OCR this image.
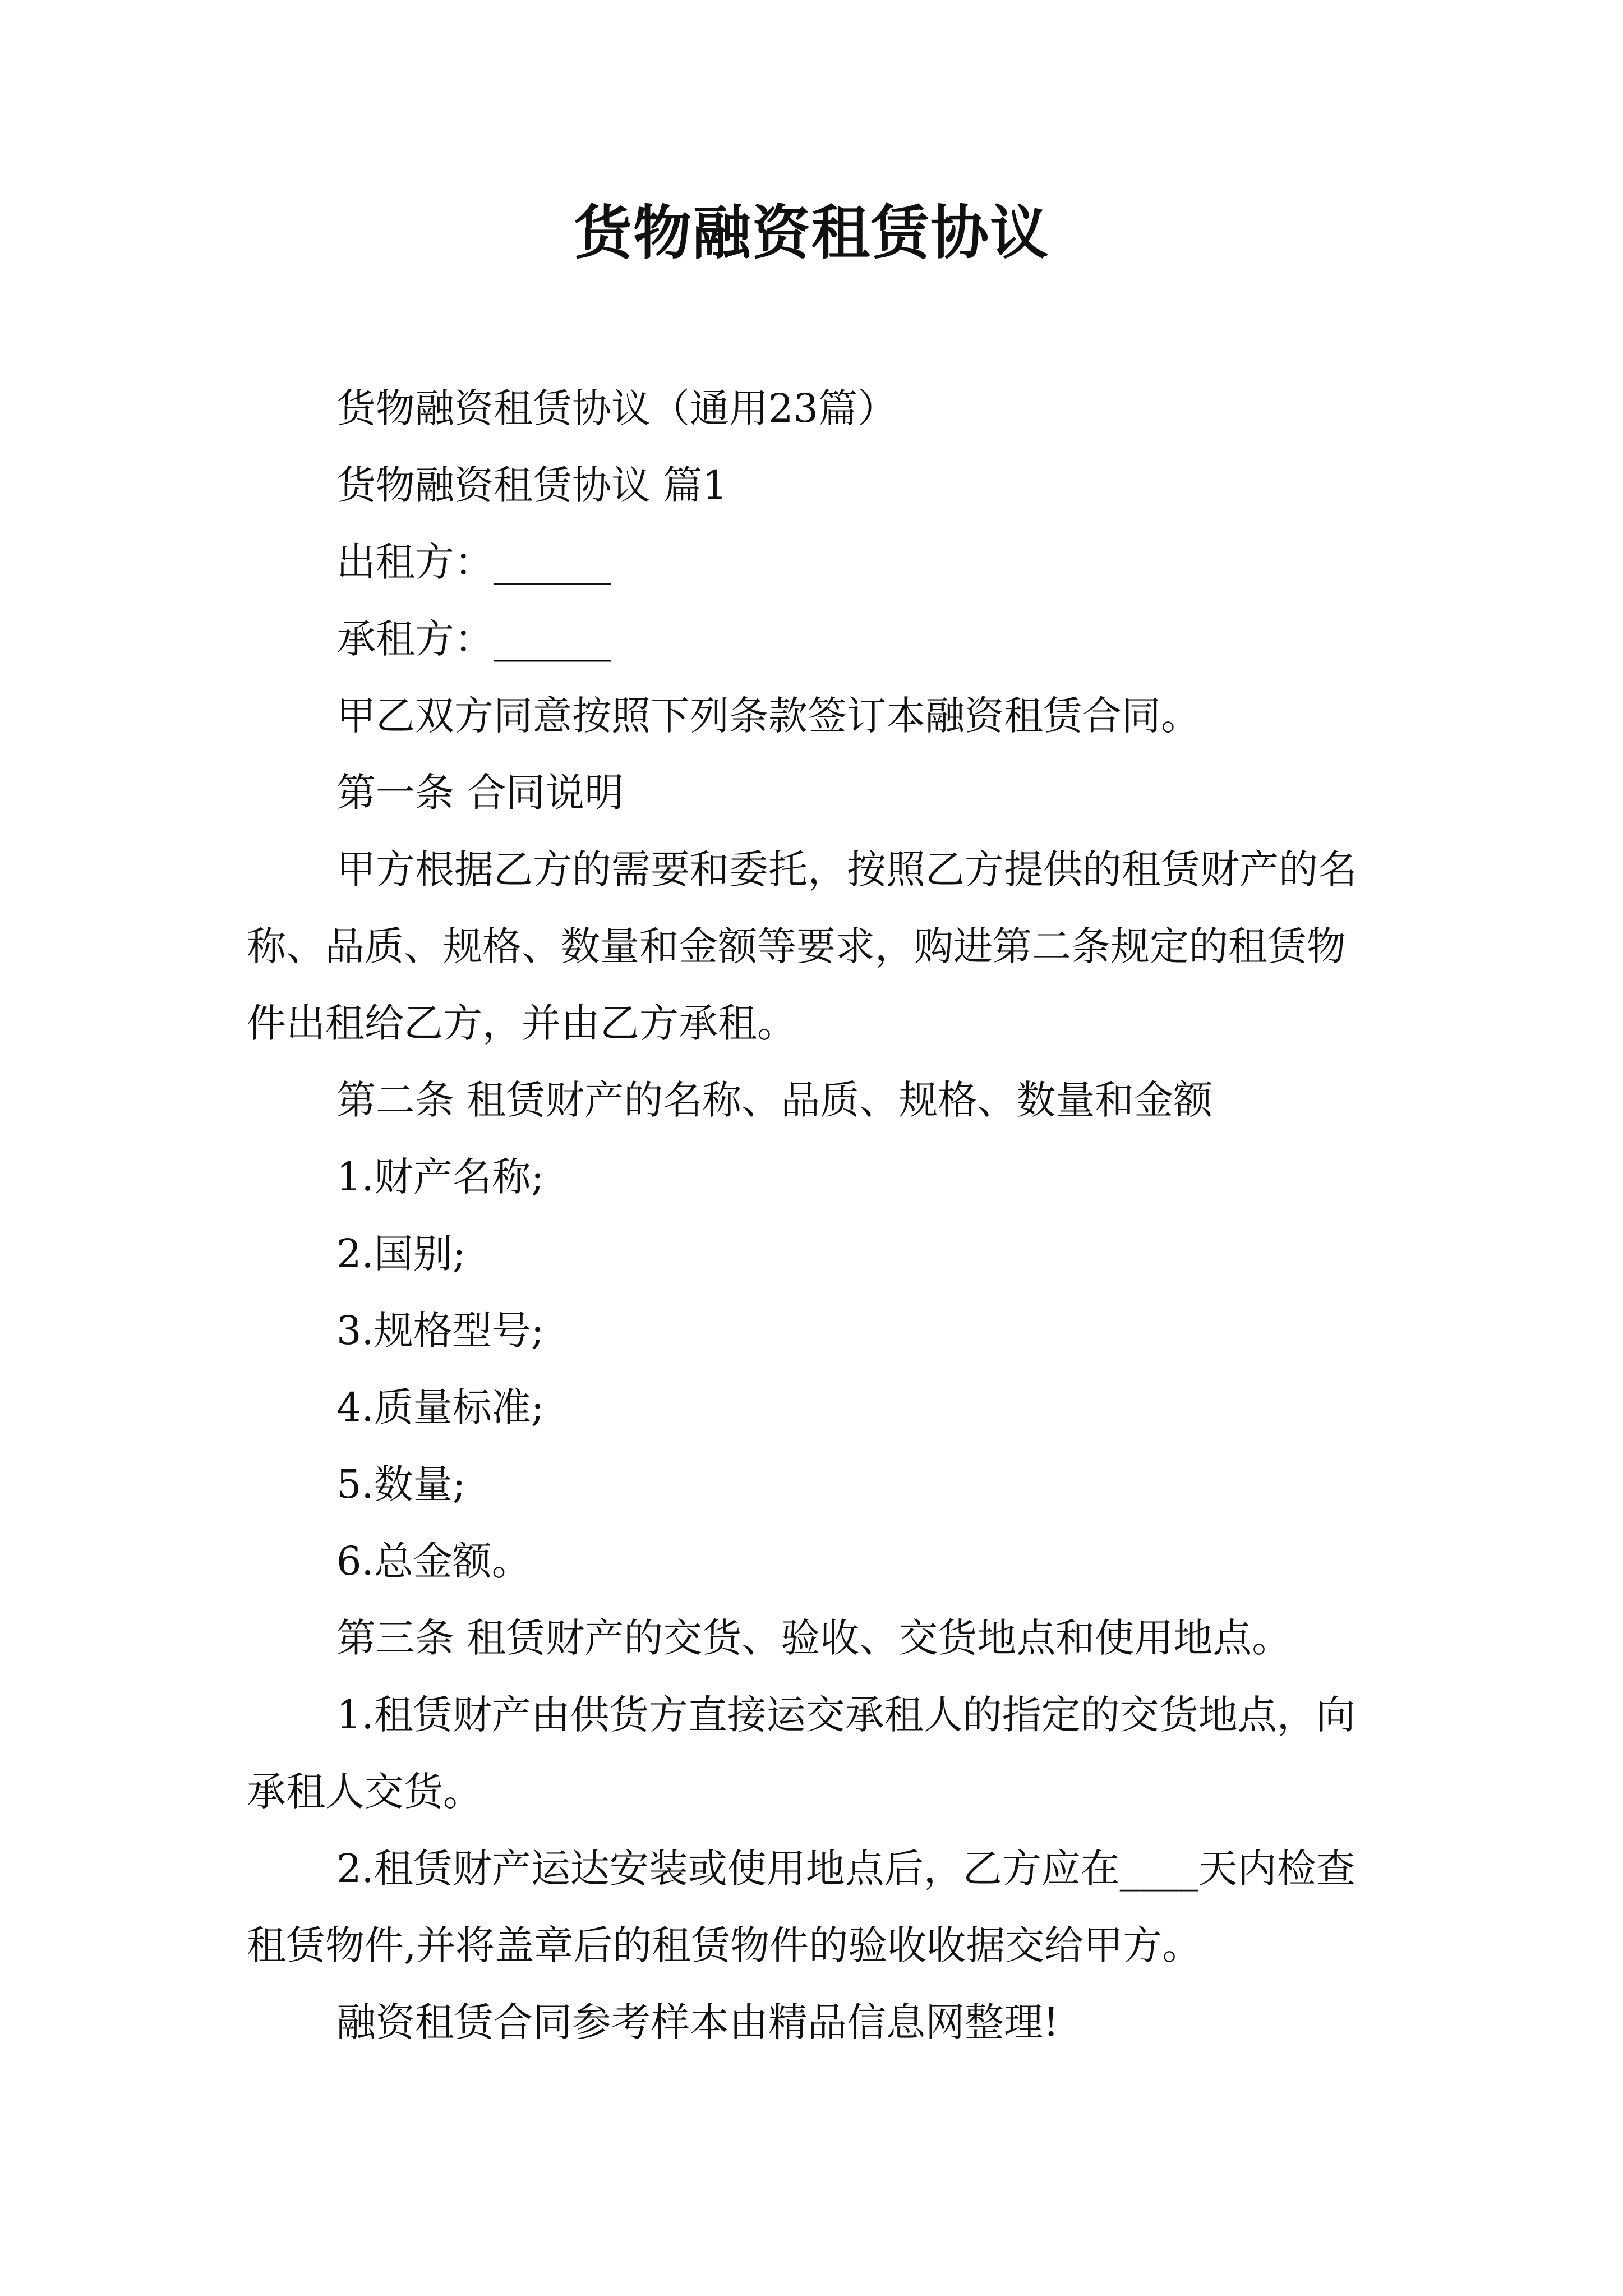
货物融资租赁协议

货物融资租赁协议（通用23篇）

货物融资租赁协议 篇1

出租方：______

承租方：______

甲乙双方同意按照下列条款签订本融资租赁合同。

第一条 合同说明

甲方根据乙方的需要和委托，按照乙方提供的租赁财产的名称、品质、规格、数量和金额等要求，购进第二条规定的租赁物件出租给乙方，并由乙方承租。

第二条 租赁财产的名称、品质、规格、数量和金额

1.财产名称;

2.国别;

3.规格型号;

4.质量标准;

5.数量;

6.总金额。

第三条 租赁财产的交货、验收、交货地点和使用地点。

1.租赁财产由供货方直接运交承租人的指定的交货地点，向承租人交货。

2.租赁财产运达安装或使用地点后，乙方应在____天内检查租赁物件,并将盖章后的租赁物件的验收收据交给甲方。

融资租赁合同参考样本由精品信息网整理!
